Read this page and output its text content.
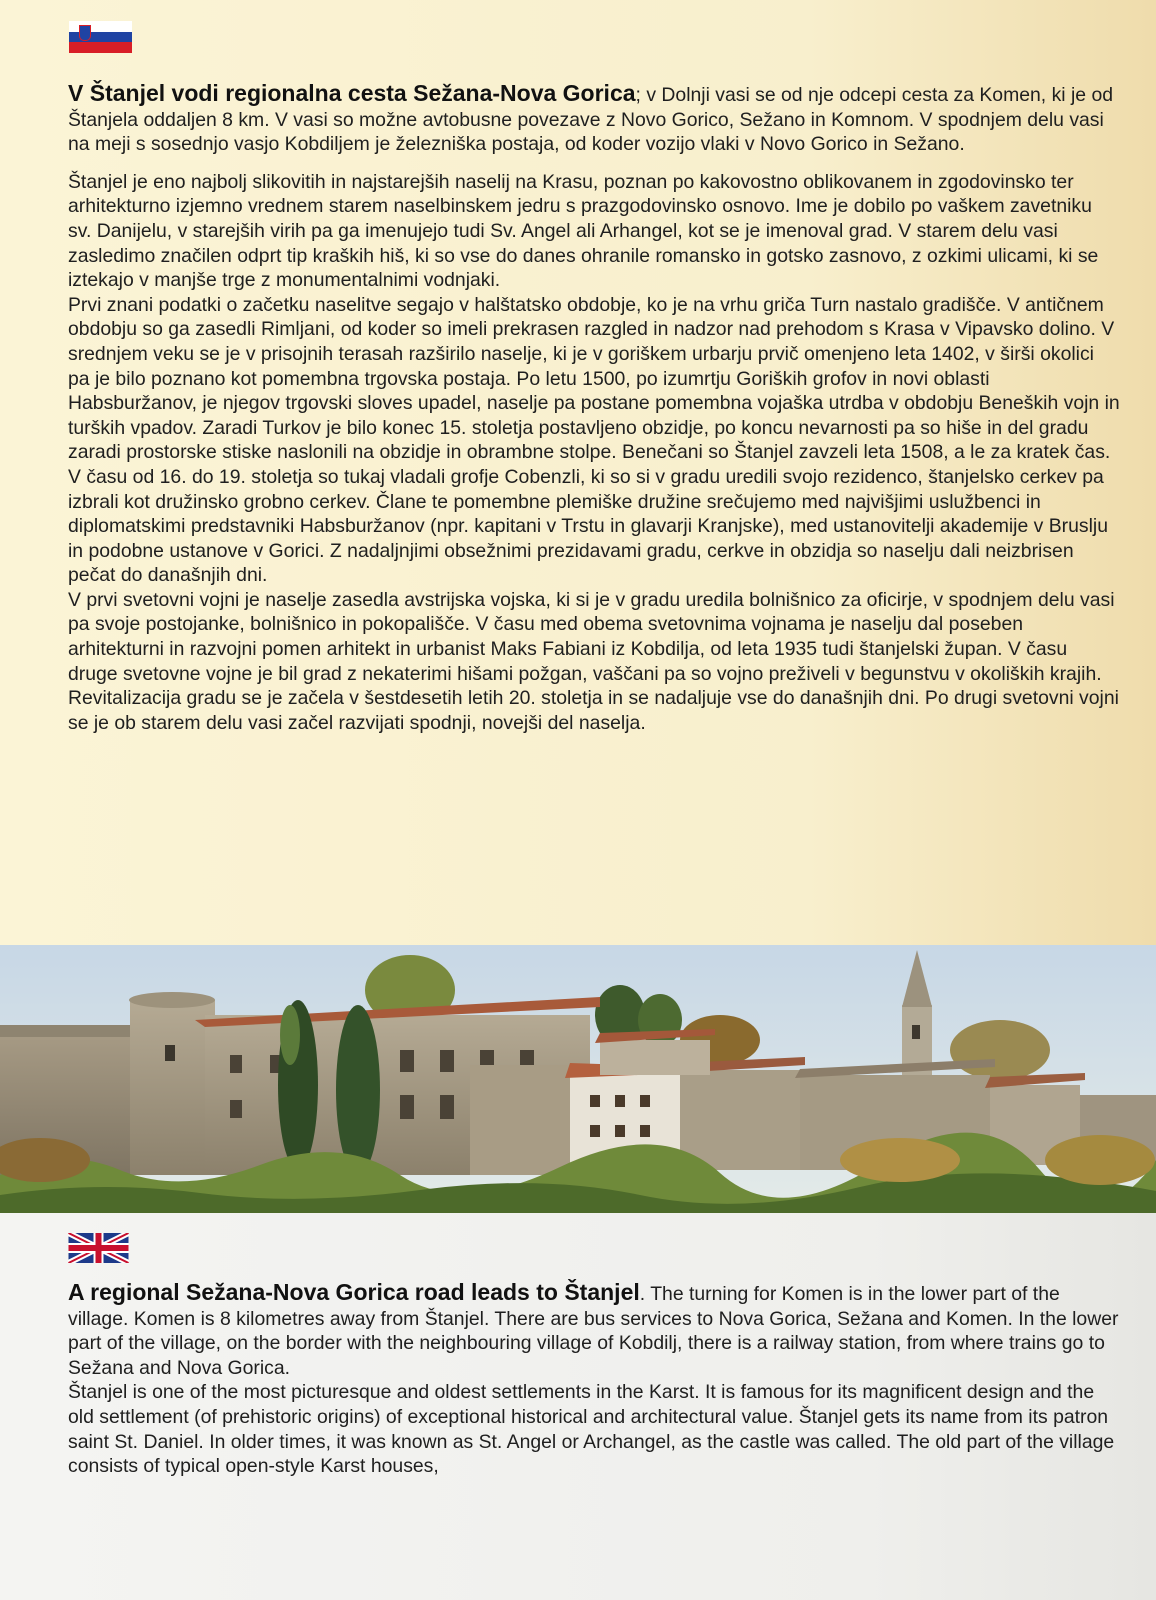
V Štanjel vodi regionalna cesta Sežana-Nova Gorica; v Dolnji vasi se od nje odcepi cesta za Komen, ki je od Štanjela oddaljen 8 km. V vasi so možne avtobusne povezave z Novo Gorico, Sežano in Komnom. V spodnjem delu vasi na meji s sosednjo vasjo Kobdiljem je železniška postaja, od koder vozijo vlaki v Novo Gorico in Sežano.

Štanjel je eno najbolj slikovitih in najstarejših naselij na Krasu, poznan po kakovostno oblikovanem in zgodovinsko ter arhitekturno izjemno vrednem starem naselbinskem jedru s prazgodovinsko osnovo. Ime je dobilo po vaškem zavetniku sv. Danijelu, v starejših virih pa ga imenujejo tudi Sv. Angel ali Arhangel, kot se je imenoval grad. V starem delu vasi zasledimo značilen odprt tip kraških hiš, ki so vse do danes ohranile romansko in gotsko zasnovo, z ozkimi ulicami, ki se iztekajo v manjše trge z monumentalnimi vodnjaki.

Prvi znani podatki o začetku naselitve segajo v halštatsko obdobje, ko je na vrhu griča Turn nastalo gradišče. V antičnem obdobju so ga zasedli Rimljani, od koder so imeli prekrasen razgled in nadzor nad prehodom s Krasa v Vipavsko dolino. V srednjem veku se je v prisojnih terasah razširilo naselje, ki je v goriškem urbarju prvič omenjeno leta 1402, v širši okolici pa je bilo poznano kot pomembna trgovska postaja. Po letu 1500, po izumrtju Goriških grofov in novi oblasti Habsburžanov, je njegov trgovski sloves upadel, naselje pa postane pomembna vojaška utrdba v obdobju Beneških vojn in turških vpadov. Zaradi Turkov je bilo konec 15. stoletja postavljeno obzidje, po koncu nevarnosti pa so hiše in del gradu zaradi prostorske stiske naslonili na obzidje in obrambne stolpe. Benečani so Štanjel zavzeli leta 1508, a le za kratek čas. V času od 16. do 19. stoletja so tukaj vladali grofje Cobenzli, ki so si v gradu uredili svojo rezidenco, štanjelsko cerkev pa izbrali kot družinsko grobno cerkev. Člane te pomembne plemiške družine srečujemo med najvišjimi uslužbenci in diplomatskimi predstavniki Habsburžanov (npr. kapitani v Trstu in glavarji Kranjske), med ustanovitelji akademije v Bruslju in podobne ustanove v Gorici. Z nadaljnjimi obsežnimi prezidavami gradu, cerkve in obzidja so naselju dali neizbrisen pečat do današnjih dni.

V prvi svetovni vojni je naselje zasedla avstrijska vojska, ki si je v gradu uredila bolnišnico za oficirje, v spodnjem delu vasi pa svoje postojanke, bolnišnico in pokopališče. V času med obema svetovnima vojnama je naselju dal poseben arhitekturni in razvojni pomen arhitekt in urbanist Maks Fabiani iz Kobdilja, od leta 1935 tudi štanjelski župan. V času druge svetovne vojne je bil grad z nekaterimi hišami požgan, vaščani pa so vojno preživeli v begunstvu v okoliških krajih. Revitalizacija gradu se je začela v šestdesetih letih 20. stoletja in se nadaljuje vse do današnjih dni. Po drugi svetovni vojni se je ob starem delu vasi začel razvijati spodnji, novejši del naselja.

A regional Sežana-Nova Gorica road leads to Štanjel. The turning for Komen is in the lower part of the village. Komen is 8 kilometres away from Štanjel. There are bus services to Nova Gorica, Sežana and Komen. In the lower part of the village, on the border with the neighbouring village of Kobdilj, there is a railway station, from where trains go to Sežana and Nova Gorica.

Štanjel is one of the most picturesque and oldest settlements in the Karst. It is famous for its magnificent design and the old settlement (of prehistoric origins) of exceptional historical and architectural value. Štanjel gets its name from its patron saint St. Daniel. In older times, it was known as St. Angel or Archangel, as the castle was called. The old part of the village consists of typical open-style Karst houses,
